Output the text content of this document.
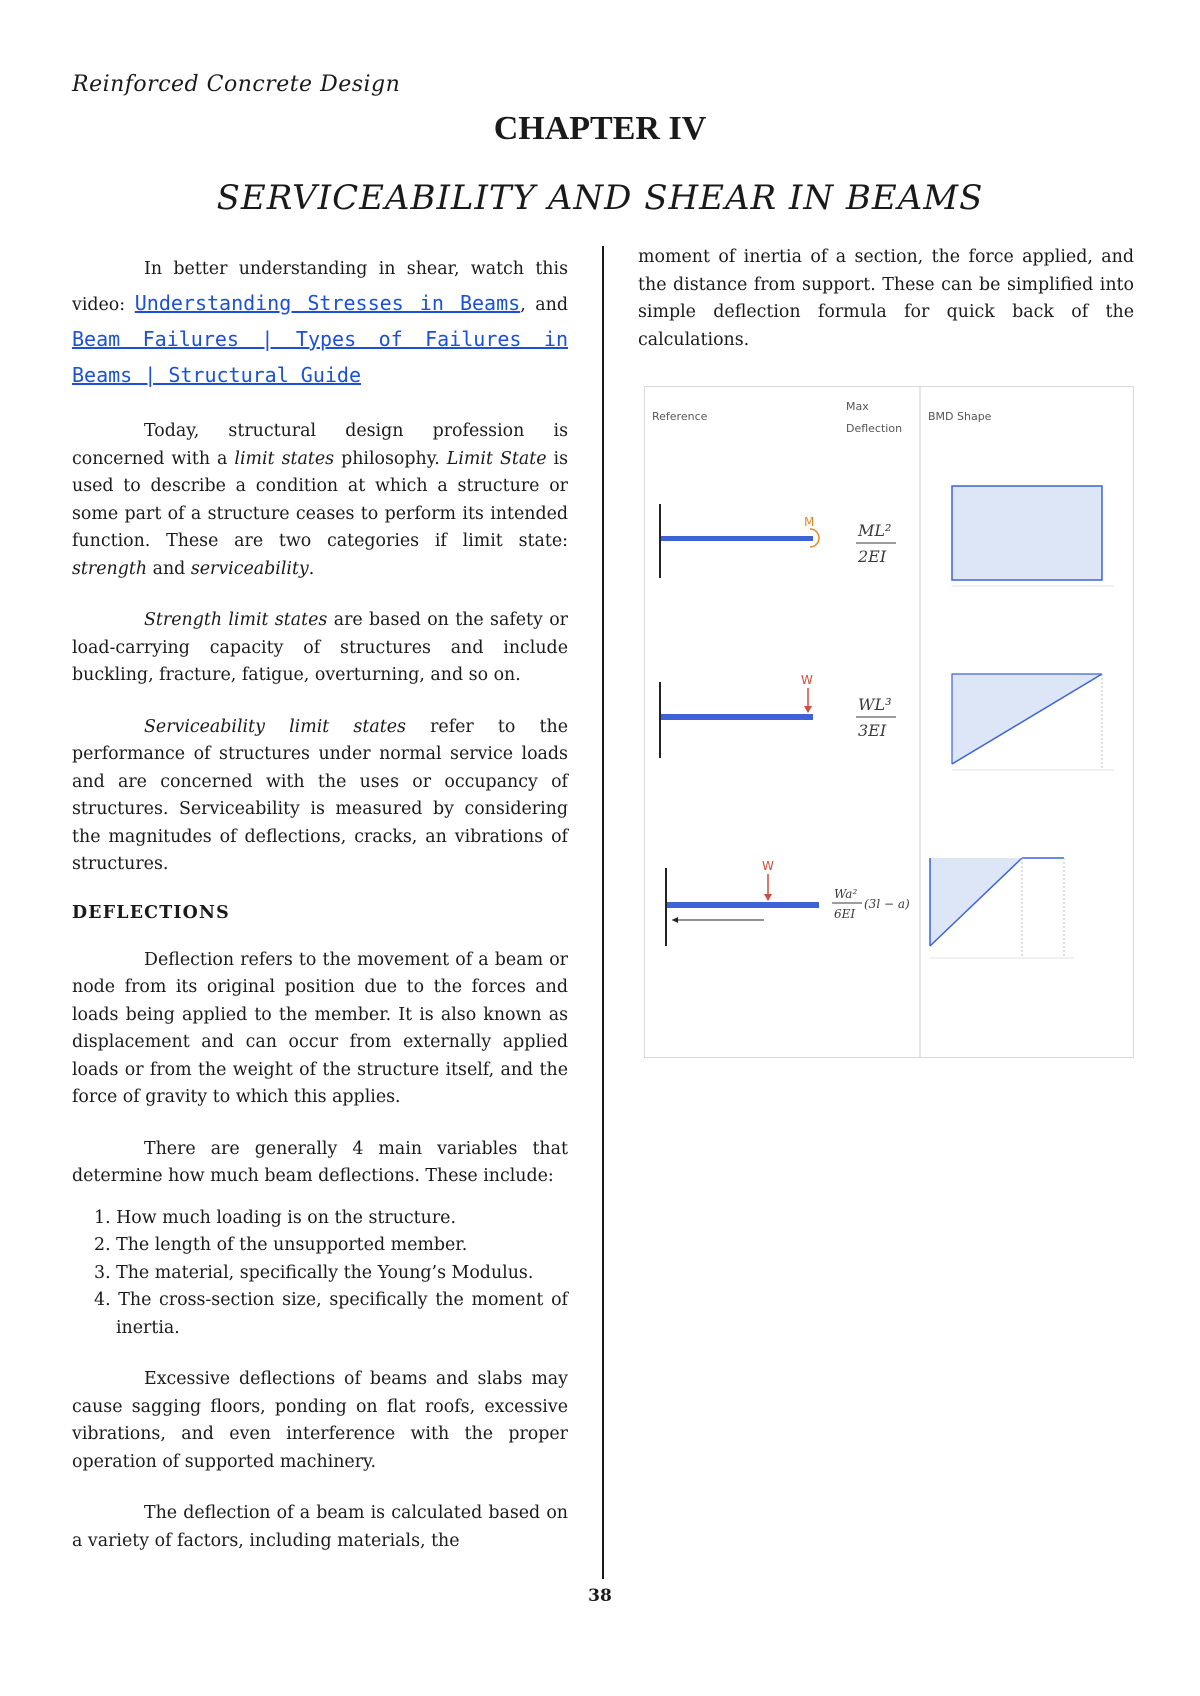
Reinforced Concrete Design
CHAPTER IV
SERVICEABILITY AND SHEAR IN BEAMS

In better understanding in shear, watch this video: Understanding Stresses in Beams, and Beam Failures | Types of Failures in Beams | Structural Guide

Today, structural design profession is concerned with a limit states philosophy. Limit State is used to describe a condition at which a structure or some part of a structure ceases to perform its intended function. These are two categories if limit state: strength and serviceability.

Strength limit states are based on the safety or load-carrying capacity of structures and include buckling, fracture, fatigue, overturning, and so on.

Serviceability limit states refer to the performance of structures under normal service loads and are concerned with the uses or occupancy of structures. Serviceability is measured by considering the magnitudes of deflections, cracks, an vibrations of structures.

DEFLECTIONS

Deflection refers to the movement of a beam or node from its original position due to the forces and loads being applied to the member. It is also known as displacement and can occur from externally applied loads or from the weight of the structure itself, and the force of gravity to which this applies.

There are generally 4 main variables that determine how much beam deflections. These include:

1. How much loading is on the structure.
2. The length of the unsupported member.
3. The material, specifically the Young’s Modulus.
4. The cross-section size, specifically the moment of inertia.

Excessive deflections of beams and slabs may cause sagging floors, ponding on flat roofs, excessive vibrations, and even interference with the proper operation of supported machinery.

The deflection of a beam is calculated based on a variety of factors, including materials, the

moment of inertia of a section, the force applied, and the distance from support. These can be simplified into simple deflection formula for quick back of the calculations.

Reference
Max
Deflection
BMD Shape
M	ML²
2EI
W
WL³
3EI
W
Wa²
6EI
(3l − a)
38
